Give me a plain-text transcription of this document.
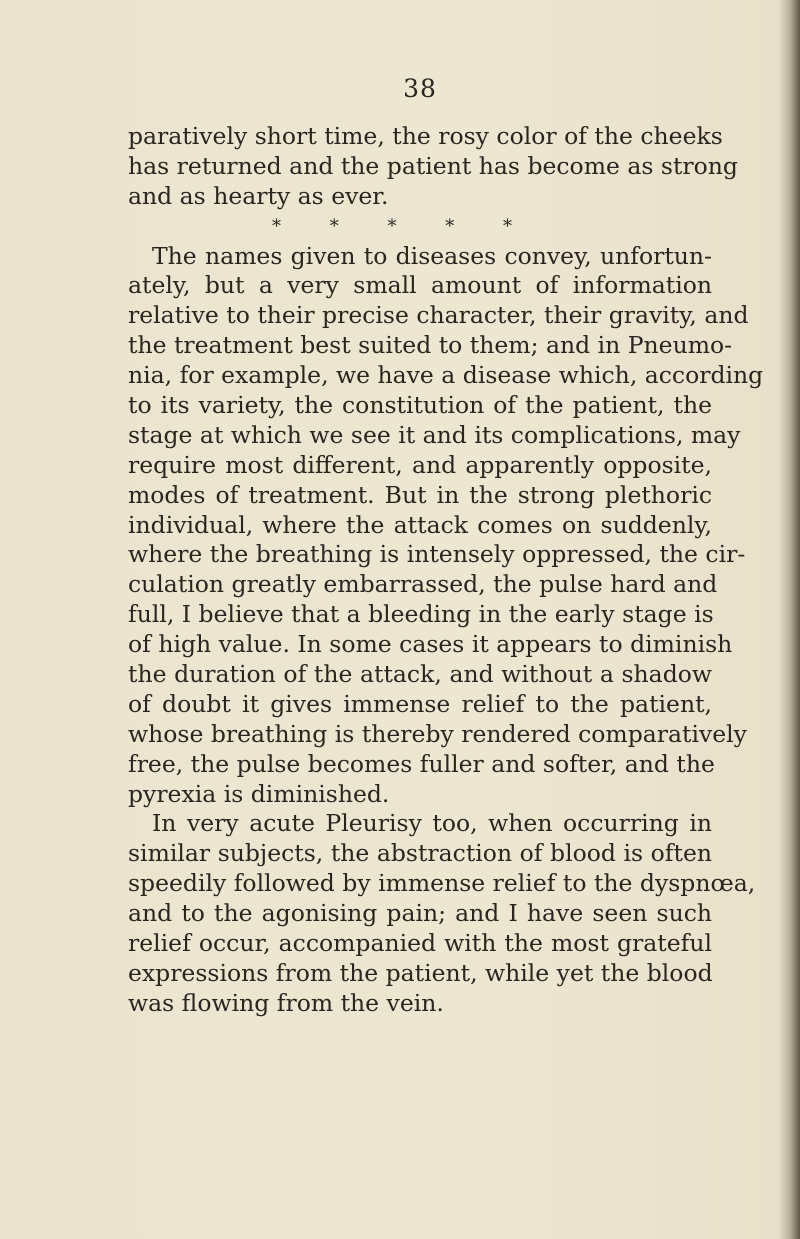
38
paratively short time, the rosy color of the cheeks
has returned and the patient has become as strong
and as hearty as ever.
*	*	*	*	*
The names given to diseases convey, unfortun-
ately, but a very small amount of information
relative to their precise character, their gravity, and
the treatment best suited to them; and in Pneumo-
nia, for example, we have a disease which, according
to its variety, the constitution of the patient, the
stage at which we see it and its complications, may
require most different, and apparently opposite,
modes of treatment. But in the strong plethoric
individual, where the attack comes on suddenly,
where the breathing is intensely oppressed, the cir-
culation greatly embarrassed, the pulse hard and
full, I believe that a bleeding in the early stage is
of high value. In some cases it appears to diminish
the duration of the attack, and without a shadow
of doubt it gives immense relief to the patient,
whose breathing is thereby rendered comparatively
free, the pulse becomes fuller and softer, and the
pyrexia is diminished.
In very acute Pleurisy too, when occurring in
similar subjects, the abstraction of blood is often
speedily followed by immense relief to the dyspnœa,
and to the agonising pain; and I have seen such
relief occur, accompanied with the most grateful
expressions from the patient, while yet the blood
was flowing from the vein.
